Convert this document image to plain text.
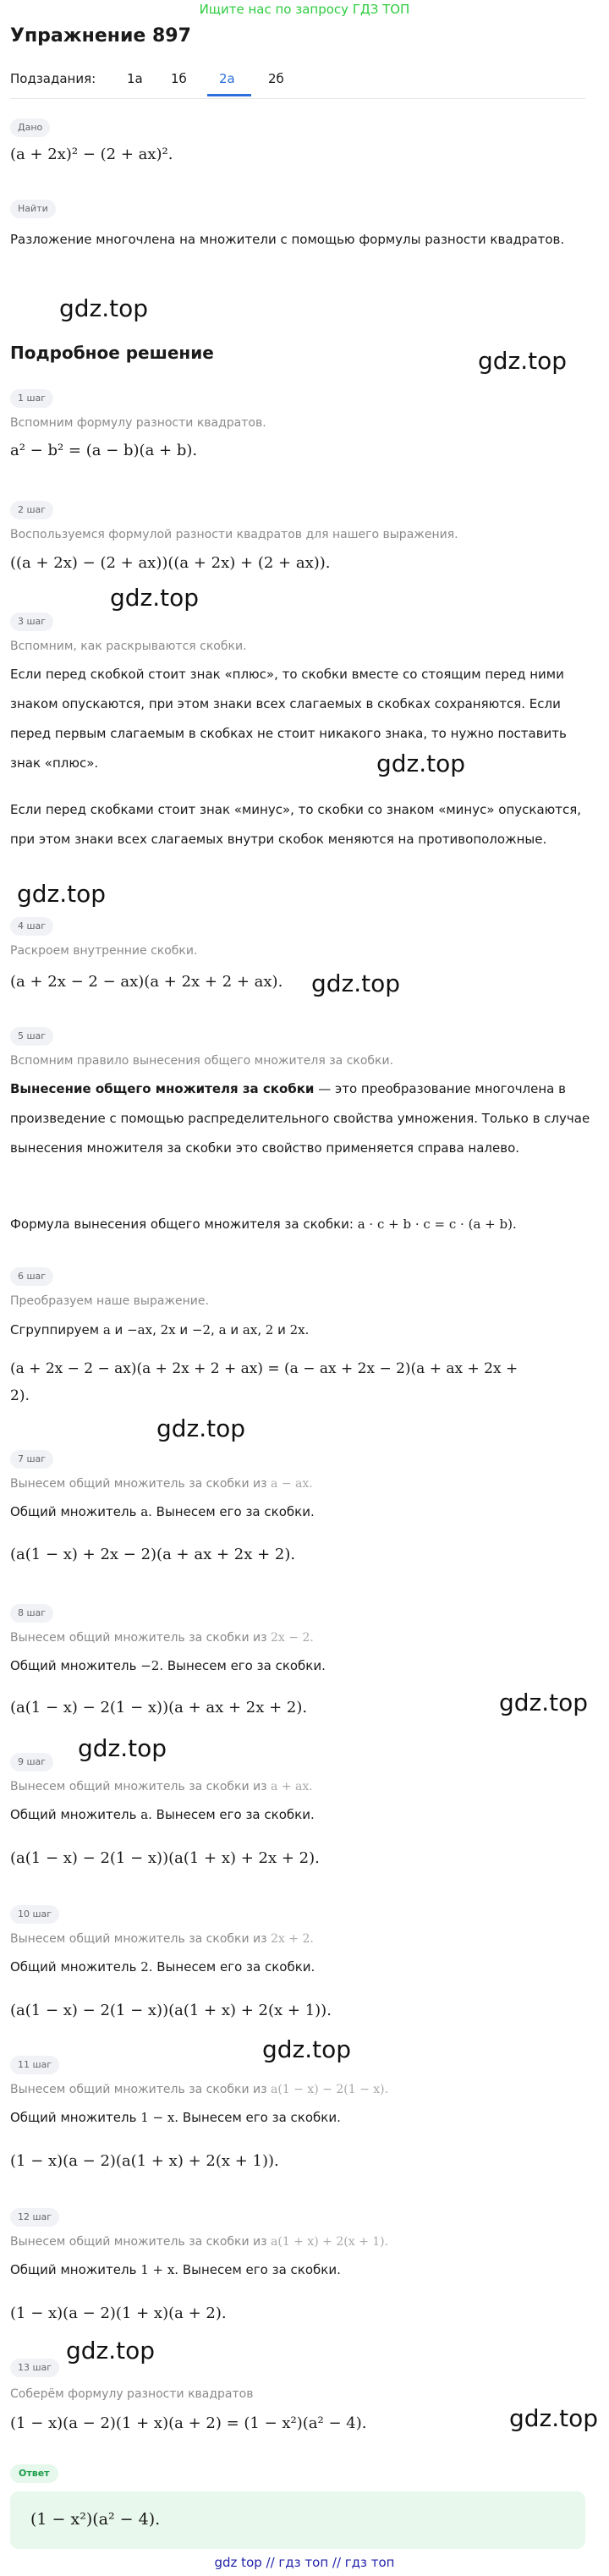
Ищите нас по запросу ГДЗ ТОП
Упражнение 897
Подзадания: 1а 1б	2а	2б
Дано
(a + 2x)² − (2 + ax)².
Найти
Разложение многочлена на множители с помощью формулы разности квадратов.
gdz.top
Подробное решение	gdz.top
1 шаг
Вспомним формулу разности квадратов.
a² − b² = (a − b)(a + b).
2 шаг
Воспользуемся формулой разности квадратов для нашего выражения.
((a + 2x) − (2 + ax))((a + 2x) + (2 + ax)).
gdz.top
3 шаг
Вспомним, как раскрываются скобки.
Если перед скобкой стоит знак «плюс», то скобки вместе со стоящим перед ними знаком опускаются, при этом знаки всех слагаемых в скобках сохраняются. Если перед первым слагаемым в скобках не стоит никакого знака, то нужно поставить знак «плюс».	gdz.top
Если перед скобками стоит знак «минус», то скобки со знаком «минус» опускаются, при этом знаки всех слагаемых внутри скобок меняются на противоположные.
gdz.top
4 шаг
Раскроем внутренние скобки.
(a + 2x − 2 − ax)(a + 2x + 2 + ax). gdz.top
5 шаг
Вспомним правило вынесения общего множителя за скобки.
Вынесение общего множителя за скобки — это преобразование многочлена в произведение с помощью распределительного свойства умножения. Только в случае вынесения множителя за скобки это свойство применяется справа налево.
Формула вынесения общего множителя за скобки: a · c + b · c = c · (a + b).
6 шаг
Преобразуем наше выражение.
Сгруппируем a и −ax, 2x и −2, a и ax, 2 и 2x.
(a + 2x − 2 − ax)(a + 2x + 2 + ax) = (a − ax + 2x − 2)(a + ax + 2x +
2).
gdz.top
7 шаг
Вынесем общий множитель за скобки из a − ax.
Общий множитель a. Вынесем его за скобки.
(a(1 − x) + 2x − 2)(a + ax + 2x + 2).
8 шаг
Вынесем общий множитель за скобки из 2x − 2.
Общий множитель −2. Вынесем его за скобки.
(a(1 − x) − 2(1 − x))(a + ax + 2x + 2).	gdz.top
gdz.top
9 шаг
Вынесем общий множитель за скобки из a + ax.
Общий множитель a. Вынесем его за скобки.
(a(1 − x) − 2(1 − x))(a(1 + x) + 2x + 2).
10 шаг
Вынесем общий множитель за скобки из 2x + 2.
Общий множитель 2. Вынесем его за скобки.
(a(1 − x) − 2(1 − x))(a(1 + x) + 2(x + 1)).
gdz.top
11 шаг
Вынесем общий множитель за скобки из a(1 − x) − 2(1 − x).
Общий множитель 1 − x. Вынесем его за скобки.
(1 − x)(a − 2)(a(1 + x) + 2(x + 1)).
12 шаг
Вынесем общий множитель за скобки из a(1 + x) + 2(x + 1).
Общий множитель 1 + x. Вынесем его за скобки.
(1 − x)(a − 2)(1 + x)(a + 2).
gdz.top
13 шаг
Соберём формулу разности квадратов
(1 − x)(a − 2)(1 + x)(a + 2) = (1 − x²)(a² − 4).	gdz.top
Ответ
(1 − x²)(a² − 4).
gdz top // гдз топ // гдз топ
